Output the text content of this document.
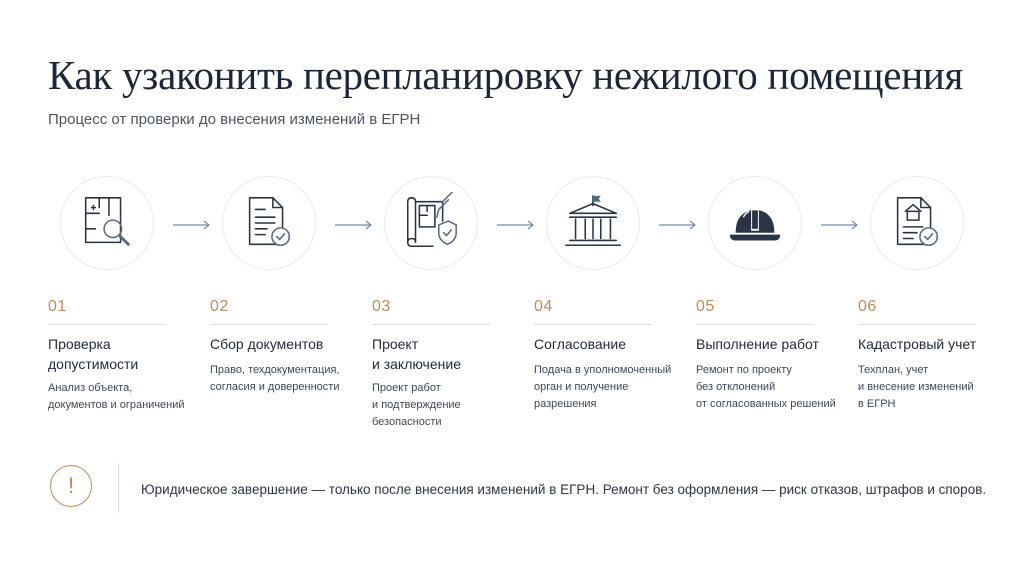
Как узаконить перепланировку нежилого помещения
Процесс от проверки до внесения изменений в ЕГРН
01
Проверка
допустимости
Анализ объекта,
документов и ограничений
02
Сбор документов
Право, техдокументация,
согласия и доверенности
03
Проект
и заключение
Проект работ
и подтверждение
безопасности
04
Согласование
Подача в уполномоченный
орган и получение
разрешения
05
Выполнение работ
Ремонт по проекту
без отклонений
от согласованных решений
06
Кадастровый учет
Техплан, учет
и внесение изменений
в ЕГРН
!	Юридическое завершение — только после внесения изменений в ЕГРН. Ремонт без оформления — риск отказов, штрафов и споров.
